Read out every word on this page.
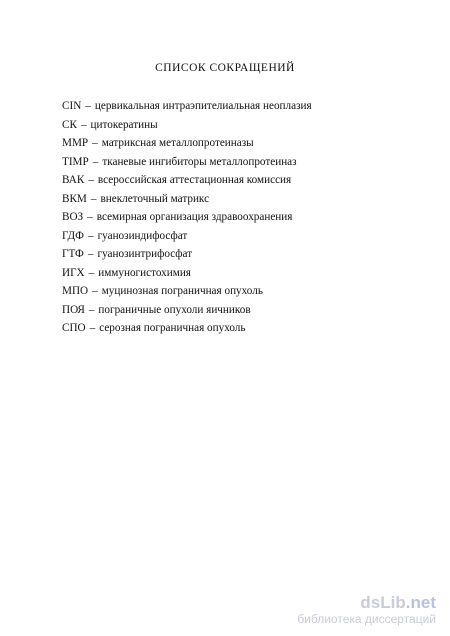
СПИСОК СОКРАЩЕНИЙ
CIN – цервикальная интраэпителиальная неоплазия
СК – цитокератины
ММР – матриксная металлопротеиназы
TIMP – тканевые ингибиторы металлопротеиназ
ВАК – всероссийская аттестационная комиссия
ВКМ – внеклеточный матрикс
ВОЗ – всемирная организация здравоохранения
ГДФ – гуанозиндифосфат
ГТФ – гуанозинтрифосфат
ИГХ – иммуногистохимия
МПО – муцинозная пограничная опухоль
ПОЯ – пограничные опухоли яичников
СПО – серозная пограничная опухоль
dsLib.net
библиотека диссертаций
